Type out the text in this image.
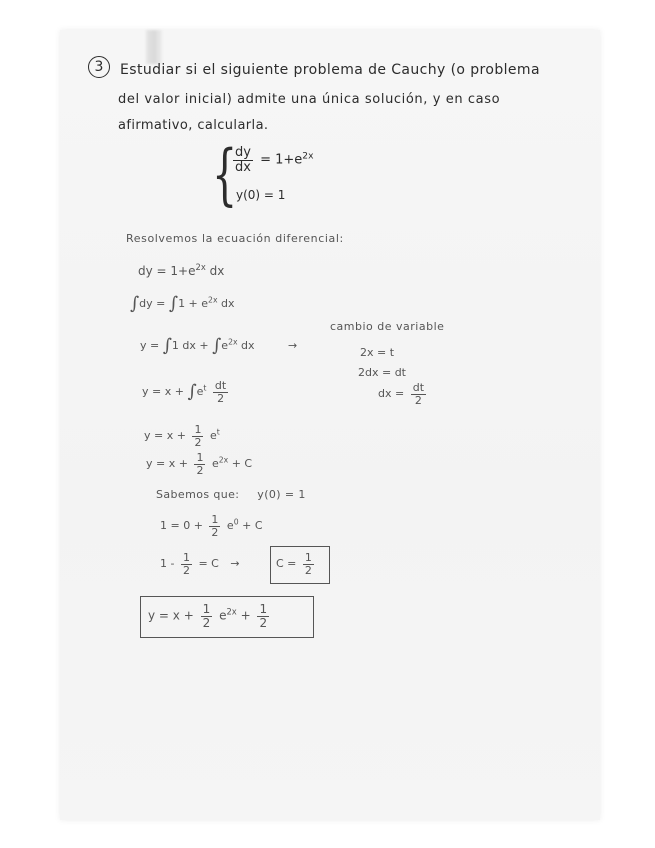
3	Estudiar si el siguiente problema de Cauchy (o problema
del valor inicial) admite una única solución, y en caso
afirmativo, calcularla.
{
$\frac{dy}{dx} = 1+e^{2x}$
y(0) = 1
Resolvemos la ecuación diferencial:
dy = $1+e^{2x}$ dx
$\int dy = \int 1 + e^{2x}$ dx
y = ∫1 dx + $\int e^{2x}$ dx	→
$y = x + \int e^t \frac{dt}{2}$
$y = x + \frac{1}{2} e^t$
$y = x + \frac{1}{2} e^{2x} + C$
cambio de variable
2x = t
2dx = dt
dx = $\frac{dt}{2}$
Sabemos que: y(0) = 1
$1 = 0 + \frac{1}{2} e^0 + C$
$1 - \frac{1}{2} = C$ →	$C = \frac{1}{2}$
$y = x + \frac{1}{2} e^{2x} + \frac{1}{2}$
